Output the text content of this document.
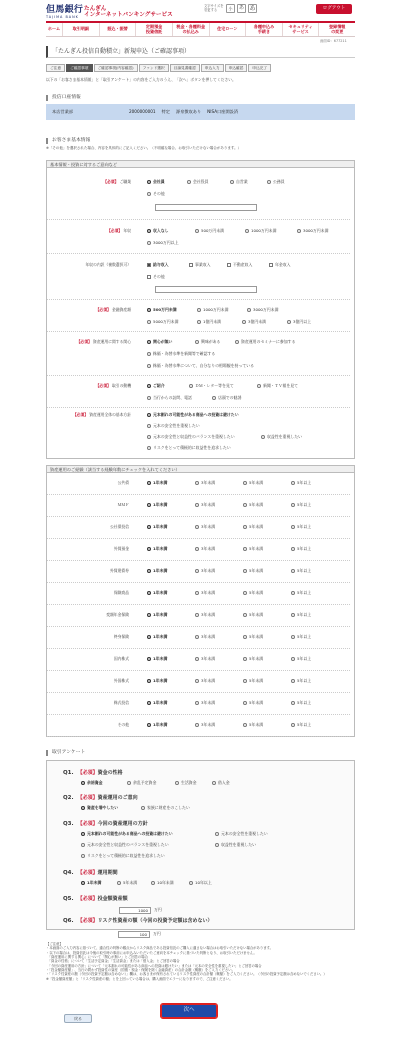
但馬銀行
TAJIMA BANK
たんぎん
インターネットバンキングサービス
文字サイズを変更する	小	あ あ	ログアウト
ホーム	取引明細	振込・振替	定期預金
投資信託
税金・各種料金
の払込み	住宅ローン	各種申込み
手続き
セキュリティ
サービス
登録情報
の変更
画面ID：677211
「たんぎん投信自動積立」新規申込（ご確認事項）
ご注意	ご確認事項	ご確認事項(内容確認)	ファンド選択	目論見書確認	申込入力	申込確認	申込完了
以下の「お客さま基本情報」と「取引アンケート」の内容をご入力のうえ、「次へ」ボタンを押してください。
投信口座情報
本店営業部	2000000001 特定 源泉徴収あり NISA口座開設済
お客さま基本情報
※「その他」を選択された場合、内容を具体的にご記入ください。（不明確な場合、お取引いただけない場合があります。）
基本情報・投資に対するご意向など
【必須】 ご職業	会社員	会社役員	自営業	公務員
その他
【必須】 年収	収入なし	500万円未満	1000万円未満	3000万円未満
3000万円以上
年収の内訳（複数選択可）	給与収入	事業収入	不動産収入	年金収入
その他
【必須】 金融資産額	500万円未満	1000万円未満	3000万円未満
5000万円未満	1億円未満	3億円未満	3億円以上
【必須】 資産運用に関する関心	関心が無い	興味がある	資産運用のセミナーに参加する
株価・為替水準を新聞等で確認する
株価・為替水準について、自分なりの相場観を持っている
【必須】 取引の動機	ご紹介	ＤＭ・レター等を見て	新聞・ＴＶ報を見て
当行からの訪問、電話	店頭での勧誘
【必須】 資産運用全体の基本方針	元本割れの可能性がある商品への投資は避けたい
元本の安全性を重視したい
元本の安全性と収益性のバランスを重視したい	収益性を重視したい
リスクをとって積極的に収益性を追求したい
資産運用のご経験（該当する経験年数にチェックを入れてください）
公共債	1年未満	3年未満	5年未満	5年以上
ＭＭＦ	1年未満	3年未満	5年未満	5年以上
公社債投信	1年未満	3年未満	5年未満	5年以上
外貨預金	1年未満	3年未満	5年未満	5年以上
外貨建債券	1年未満	3年未満	5年未満	5年以上
保険商品	1年未満	3年未満	5年未満	5年以上
変額年金保険	1年未満	3年未満	5年未満	5年以上
終身保険	1年未満	3年未満	5年未満	5年以上
国内株式	1年未満	3年未満	5年未満	5年以上
外国株式	1年未満	3年未満	5年未満	5年以上
株式投信	1年未満	3年未満	5年未満	5年以上
その他	1年未満	3年未満	5年未満	5年以上
取引アンケート
Q1. 【必須】資金の性格
余裕資金	余乱予定資金	生活資金	借入金
Q2. 【必須】資産運用のご意向
資産を増やしたい	家族に財産をのこしたい
Q3. 【必須】今回の資産運用の方針
元本割れの可能性がある商品への投資は避けたい	元本の安全性を重視したい
元本の安全性と収益性のバランスを重視したい	収益性を重視したい
リスクをとって積極的に収益性を追求したい
Q4. 【必須】運用期間
1年未満	5年未満	10年未満	10年以上
Q5. 【必須】投金額資産額
1000	万円
Q6. 【必須】リスク性資産の額（今回の投資予定額は含めない）
100	万円
【ご注意】
・本画面のご入力内容に基づいて、適合性の判断の観点からリスク商品である投資信託のご購入に適さない場合はお取引いただけない場合があります。
・以下の場合は、投資信託は今後の取引時の事前にお申込みいただいたご意向を本チェックに基づいた判断となり、お取引いただけません。
　「資産運用に関する関心」について「関心が無い」とご回答の場合
　「資金の性格」について「生活予定資金」「生活資金」または「借入金」とご回答の場合
　「今回の資産運用の方針」について「元本割れの可能性がある商品への投資は避けたい」または「元本の安全性を重視したい」とご回答の場合
・「投金額資産額」、当行の問わず投資性の資産（国債・預金・保険を除く金融資産）の合計金額（概額）をご入力ください。
・「リスク性資産の額（今回の投資予定額は含めない）」欄は、お客さまが保有されているリスク性資産の合計額（概額）をご入力ください。（今回の投資予定額は含めないでください。）
※「投金額資産額」と「リスク性資産の額」とを上回っている場合は、購入画面でエラーになりますので、ご注意ください。
次へ
戻る
